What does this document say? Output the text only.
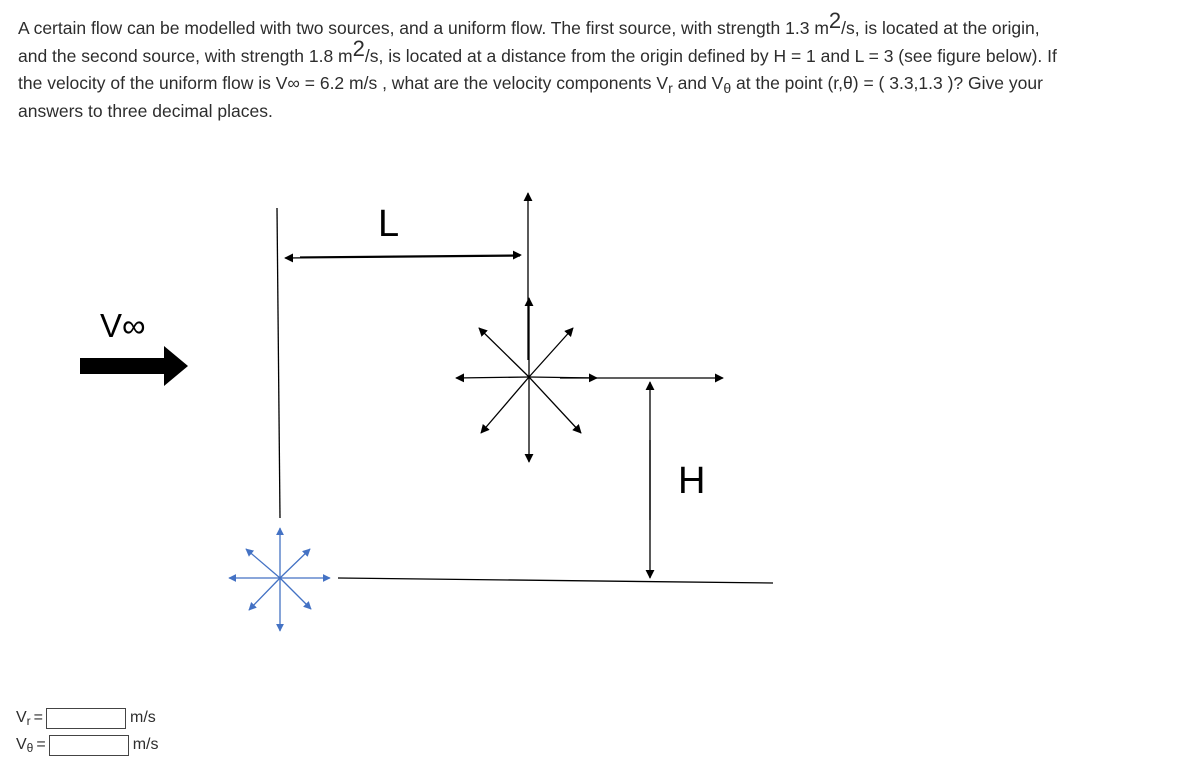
A certain flow can be modelled with two sources, and a uniform flow. The first source, with strength 1.3 $m^2/s$, is located at the origin,
and the second source, with strength 1.8 $m^2/s$, is located at a distance from the origin defined by H = 1 and L = 3 (see figure below). If
the velocity of the uniform flow is V∞ = 6.2 m/s , what are the velocity components $V_r$ and $V_\theta$ at the point (r,θ) = ( 3.3,1.3 )? Give your
answers to three decimal places.
L
H
V∞
$V_r$ =	m/s
$V_\theta$ =	m/s
